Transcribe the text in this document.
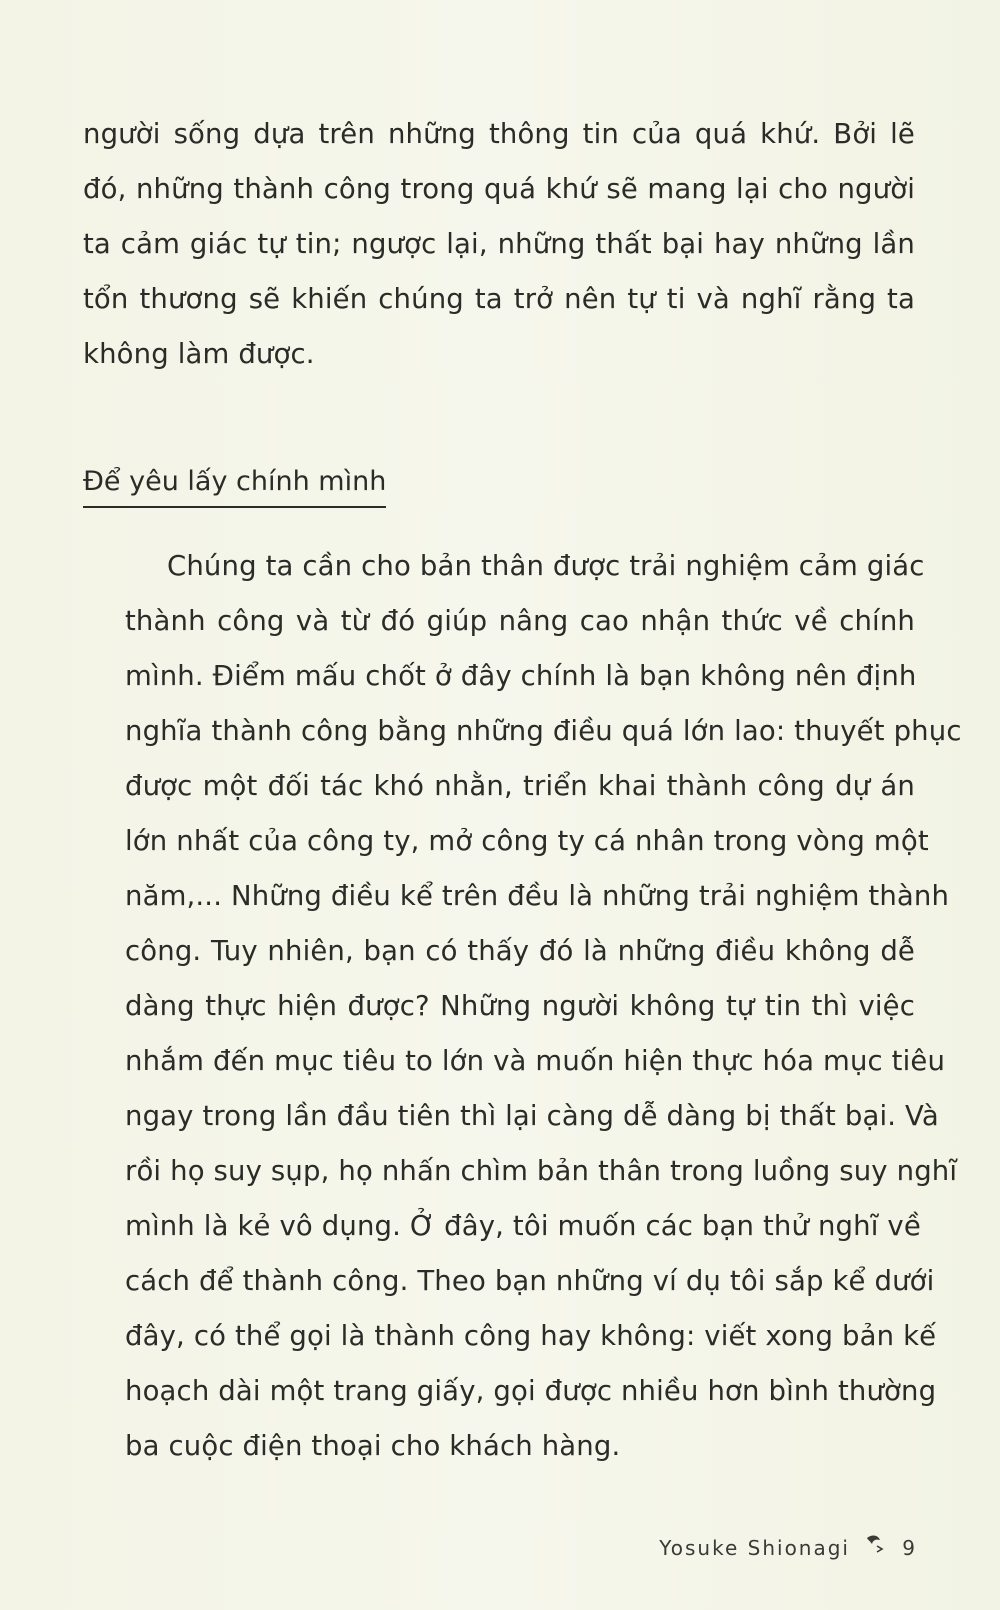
người sống dựa trên những thông tin của quá khứ. Bởi lẽ
đó, những thành công trong quá khứ sẽ mang lại cho người
ta cảm giác tự tin; ngược lại, những thất bại hay những lần
tổn thương sẽ khiến chúng ta trở nên tự ti và nghĩ rằng ta
không làm được.
Để yêu lấy chính mình
Chúng ta cần cho bản thân được trải nghiệm cảm giác
thành công và từ đó giúp nâng cao nhận thức về chính
mình. Điểm mấu chốt ở đây chính là bạn không nên định
nghĩa thành công bằng những điều quá lớn lao: thuyết phục
được một đối tác khó nhằn, triển khai thành công dự án
lớn nhất của công ty, mở công ty cá nhân trong vòng một
năm,... Những điều kể trên đều là những trải nghiệm thành
công. Tuy nhiên, bạn có thấy đó là những điều không dễ
dàng thực hiện được? Những người không tự tin thì việc
nhắm đến mục tiêu to lớn và muốn hiện thực hóa mục tiêu
ngay trong lần đầu tiên thì lại càng dễ dàng bị thất bại. Và
rồi họ suy sụp, họ nhấn chìm bản thân trong luồng suy nghĩ
mình là kẻ vô dụng. Ở đây, tôi muốn các bạn thử nghĩ về
cách để thành công. Theo bạn những ví dụ tôi sắp kể dưới
đây, có thể gọi là thành công hay không: viết xong bản kế
hoạch dài một trang giấy, gọi được nhiều hơn bình thường
ba cuộc điện thoại cho khách hàng.
Yosuke Shionagi	9
